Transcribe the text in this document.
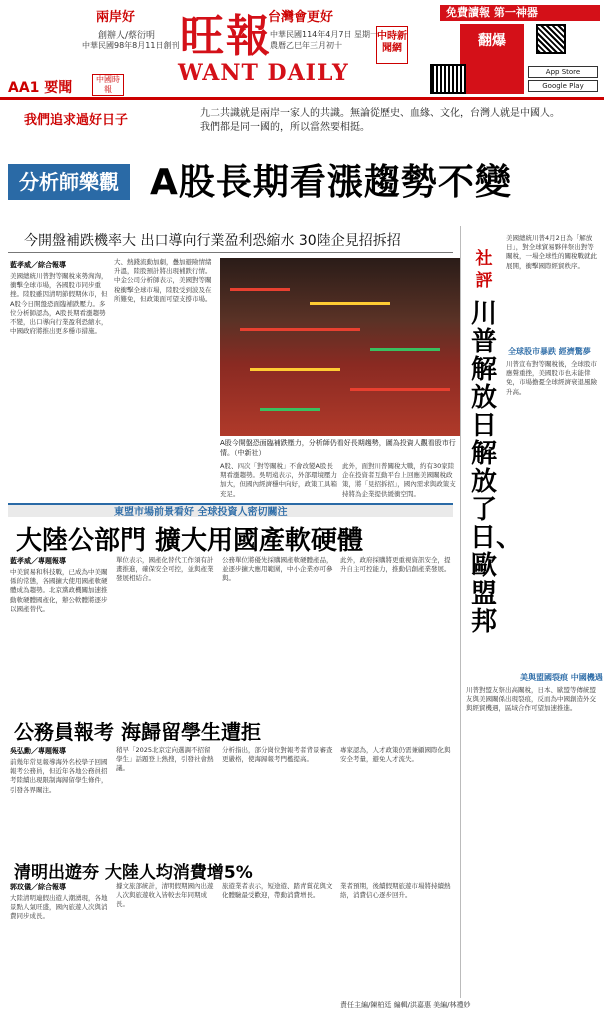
兩岸好	台灣會更好
創辦人/蔡衍明
中華民國98年8月11日創刊 旺報
WANT DAILY
中華民國114年4月7日 星期一
農曆乙巳年三月初十
中時新聞網
免費讀報 第一神器
翻爆
App Store
Google Play
AA1 要聞
中國時報
我們追求過好日子	九二共識就是兩岸一家人的共識。無論從歷史、血緣、文化，台灣人就是中國人。
我們都是同一國的，所以當然要相挺。
分析師樂觀 A股長期看漲趨勢不變
今開盤補跌機率大 出口導向行業盈利恐縮水 30陸企見招拆招
藍孝威／綜合報導
美國總統川普對等關稅來勢洶洶，衝擊全球市場，各國股市同步重挫。陸股雖因清明節假期休市，但A股今日開盤恐面臨補跌壓力。多位分析師認為，A股長期看漲趨勢不變，出口導向行業盈利恐縮水，中國政府將推出更多穩市措施。
大、熱錢流動加劇，疊加避險情緒升溫，陸股預計將出現補跌行情。中金公司分析師表示，美國對等關稅衝擊全球市場，陸股受到波及在所難免，但政策面可望支撐市場。
A股今開盤恐面臨補跌壓力，分析師仍看好長期趨勢，圖為投資人觀看股市行情。（中新社）
A股、四次「對等關稅」不會改變A股長期看漲趨勢。吳明遠表示，外部環境壓力加大，但國內經濟穩中向好，政策工具箱充足。
此外，面對川普關稅大戰，約有30家陸企在投資者互動平台上回應美國關稅政策，將「見招拆招」，國內需求與政策支持將為企業提供緩衝空間。
東盟市場前景看好 全球投資人密切關注
大陸公部門 擴大用國產軟硬體
藍孝威／專題報導
中美貿易和科技戰，已成為中美關係的常態，各國擴大使用國產軟硬體成為趨勢。北京黨政機關加速推動軟硬體國產化，辦公軟體將逐步以國產替代。
單位表示，國產化替代工作須有計畫推進，確保安全可控，並與產業發展相結合。
公務單位將優先採購國產軟硬體產品，並逐步擴大應用範圍，中小企業亦可參與。
此外，政府採購將更重視資訊安全，提升自主可控能力，推動信創產業發展。
公務員報考 海歸留學生遭拒
吳弘勳／專題報導
前幾年常見報導海外名校學子回國報考公務員，但近年各地公務員招考陸續出現限制海歸留學生條件，引發各界關注。
稍早「2025北京定向選調不招留學生」話題登上熱搜，引發社會熱議。
分析指出，部分崗位對報考者背景審查更嚴格，使海歸報考門檻提高。
專家認為，人才政策仍需兼顧國際化與安全考量，避免人才流失。
清明出遊夯 大陸人均消費增5%
郭玟儀／綜合報導
大陸清明連假出遊人潮湧現，各地景點人氣旺盛，國內旅遊人次與消費同步成長。
據文旅部統計，清明假期國內出遊人次與旅遊收入皆較去年同期成長。
旅遊業者表示，短途遊、踏青賞花與文化體驗最受歡迎，帶動消費增長。
業者預期，後續假期旅遊市場將持續熱絡，消費信心逐步回升。
責任主編/陳柏廷 編輯/洪嘉惠 美編/林禮妙
社評
川普解放日 解放了日、歐盟邦
美國總統川普4月2日為「解放日」，對全球貿易夥伴祭出對等關稅，一場全球性的關稅戰就此展開，衝擊國際經貿秩序。
全球股市暴跌 經濟驚夢
川普宣布對等關稅後，全球股市應聲重挫，美國股市也未能倖免，市場擔憂全球經濟衰退風險升高。
美與盟國裂痕 中國機遇
川普對盟友祭出高關稅，日本、歐盟等傳統盟友與美國關係出現裂痕，反而為中國創造外交與經貿機遇，區域合作可望加速推進。
